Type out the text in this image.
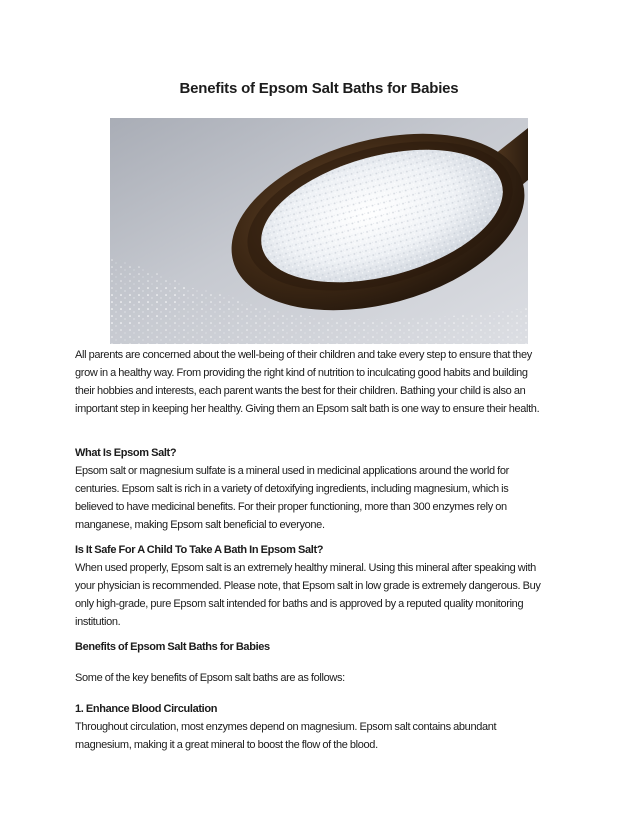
Benefits of Epsom Salt Baths for Babies
All parents are concerned about the well-being of their children and take every step to ensure that they
grow in a healthy way. From providing the right kind of nutrition to inculcating good habits and building
their hobbies and interests, each parent wants the best for their children. Bathing your child is also an
important step in keeping her healthy. Giving them an Epsom salt bath is one way to ensure their health.
What Is Epsom Salt?
Epsom salt or magnesium sulfate is a mineral used in medicinal applications around the world for
centuries. Epsom salt is rich in a variety of detoxifying ingredients, including magnesium, which is
believed to have medicinal benefits. For their proper functioning, more than 300 enzymes rely on
manganese, making Epsom salt beneficial to everyone.
Is It Safe For A Child To Take A Bath In Epsom Salt?
When used properly, Epsom salt is an extremely healthy mineral. Using this mineral after speaking with
your physician is recommended. Please note, that Epsom salt in low grade is extremely dangerous. Buy
only high-grade, pure Epsom salt intended for baths and is approved by a reputed quality monitoring
institution.
Benefits of Epsom Salt Baths for Babies
Some of the key benefits of Epsom salt baths are as follows:
1. Enhance Blood Circulation
Throughout circulation, most enzymes depend on magnesium. Epsom salt contains abundant
magnesium, making it a great mineral to boost the flow of the blood.
